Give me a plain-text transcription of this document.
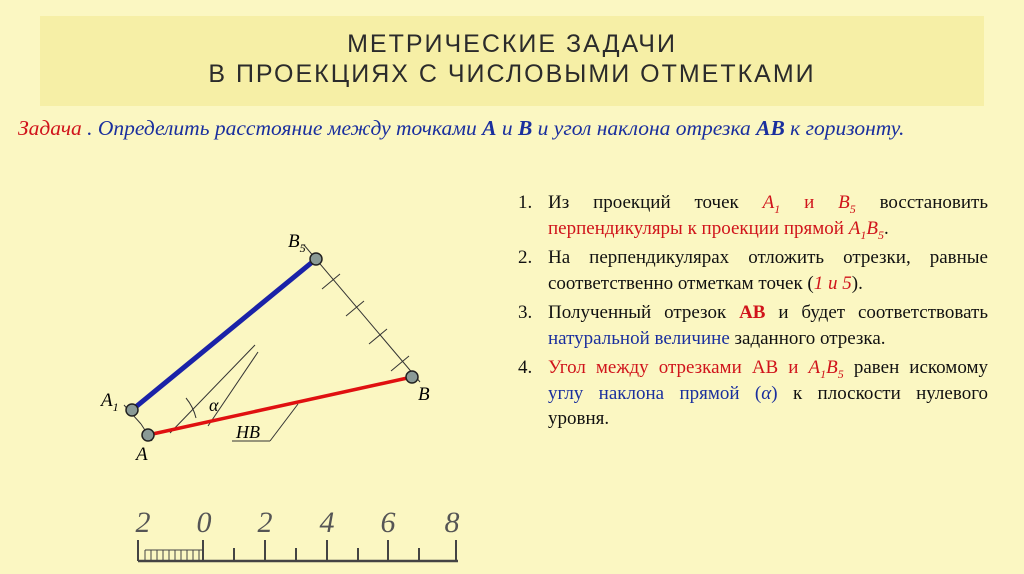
МЕТРИЧЕСКИЕ ЗАДАЧИ
В ПРОЕКЦИЯХ С ЧИСЛОВЫМИ ОТМЕТКАМИ
Задача . Определить расстояние между точками А и В и угол наклона отрезка АВ к горизонту.
1. Из проекций точек $A_1$ и $B_5$ восстановить перпендикуляры к проекции прямой $A_1B_5$.
2. На перпендикулярах отложить отрезки, равные соответственно отметкам точек (1 и 5).
3. Полученный отрезок АВ и будет соответствовать натуральной величине заданного отрезка.
4. Угол между отрезками AB и $A_1B_5$ равен искомому углу наклона прямой (α) к плоскости нулевого уровня.
$A_1$
$B_5$
A
B
α
НВ
2 0 2 4 6 8
